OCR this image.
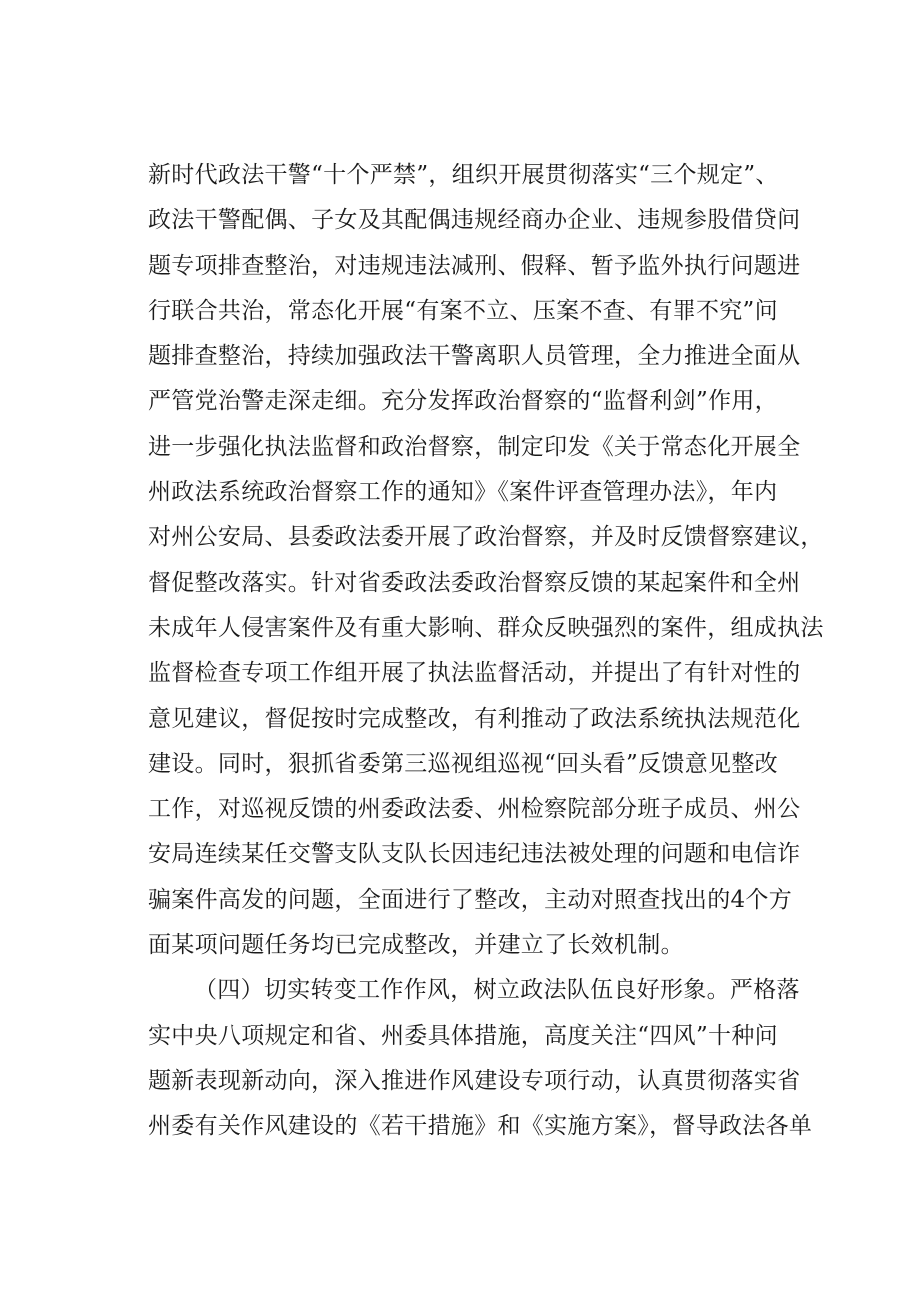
新时代政法干警“十个严禁”，组织开展贯彻落实“三个规定”、
政法干警配偶、子女及其配偶违规经商办企业、违规参股借贷问
题专项排查整治，对违规违法减刑、假释、暂予监外执行问题进
行联合共治，常态化开展“有案不立、压案不查、有罪不究”问
题排查整治，持续加强政法干警离职人员管理，全力推进全面从
严管党治警走深走细。充分发挥政治督察的“监督利剑”作用，
进一步强化执法监督和政治督察，制定印发《关于常态化开展全
州政法系统政治督察工作的通知》《案件评查管理办法》，年内
对州公安局、县委政法委开展了政治督察，并及时反馈督察建议，
督促整改落实。针对省委政法委政治督察反馈的某起案件和全州
未成年人侵害案件及有重大影响、群众反映强烈的案件，组成执法
监督检查专项工作组开展了执法监督活动，并提出了有针对性的
意见建议，督促按时完成整改，有利推动了政法系统执法规范化
建设。同时，狠抓省委第三巡视组巡视“回头看”反馈意见整改
工作，对巡视反馈的州委政法委、州检察院部分班子成员、州公
安局连续某任交警支队支队长因违纪违法被处理的问题和电信诈
骗案件高发的问题，全面进行了整改，主动对照查找出的4个方
面某项问题任务均已完成整改，并建立了长效机制。
（四）切实转变工作作风，树立政法队伍良好形象。严格落
实中央八项规定和省、州委具体措施，高度关注“四风”十种问
题新表现新动向，深入推进作风建设专项行动，认真贯彻落实省
州委有关作风建设的《若干措施》和《实施方案》，督导政法各单
